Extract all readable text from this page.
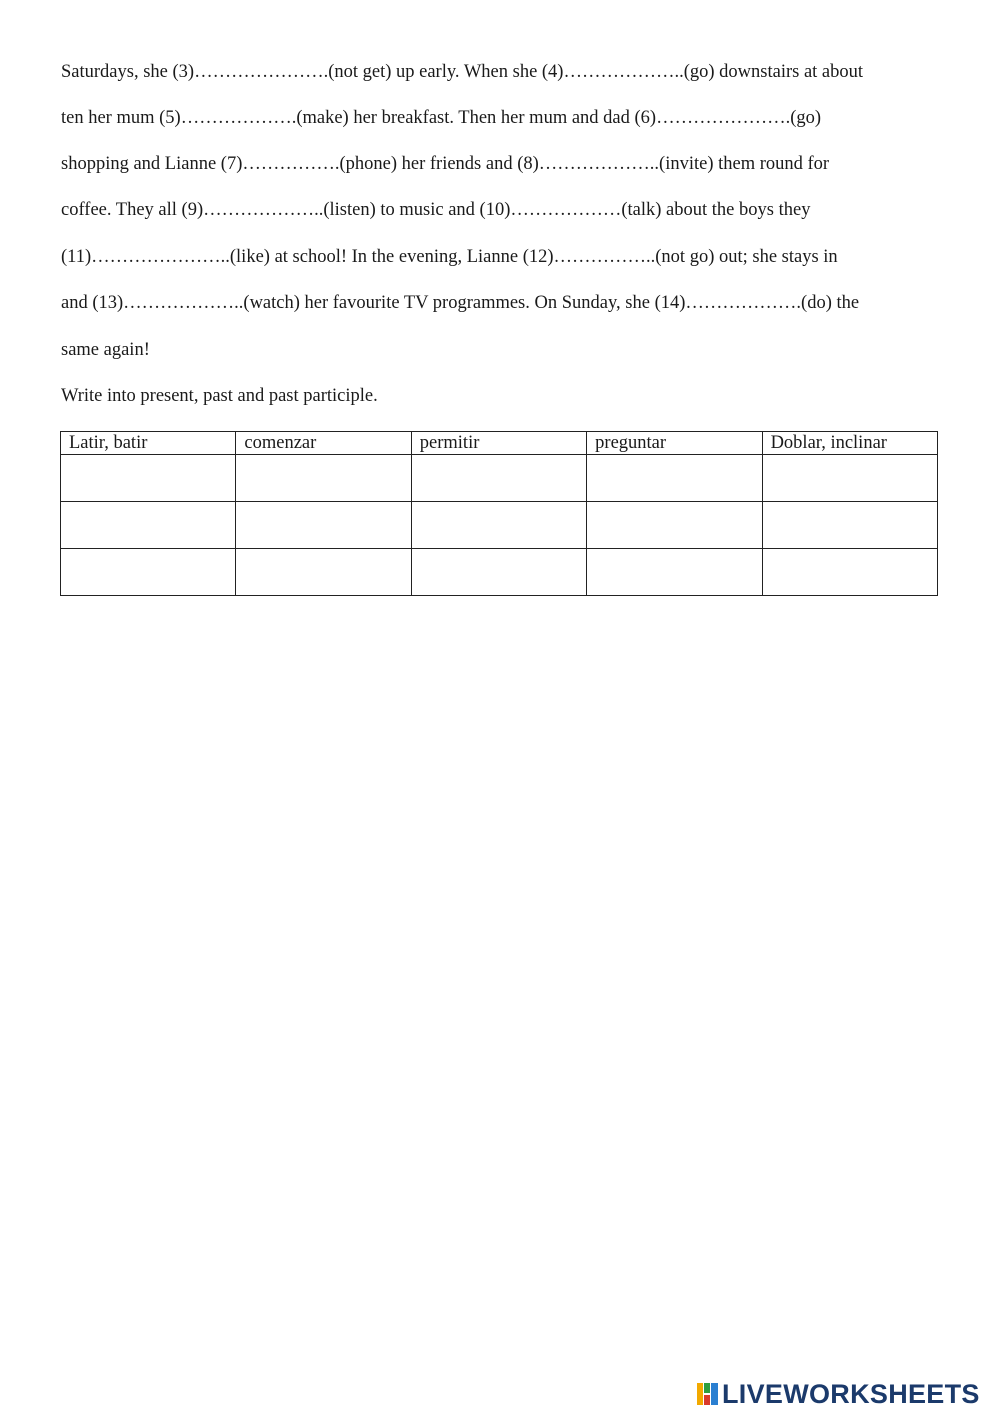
Saturdays, she (3)………………….(not get) up early. When she (4)………………..(go) downstairs at about
ten her mum (5)……………….(make) her breakfast. Then her mum and dad (6)………………….(go)
shopping and Lianne (7)…………….(phone) her friends and (8)………………..(invite) them round for
coffee. They all (9)………………..(listen) to music and (10)………………(talk) about the boys they
(11)…………………..(like) at school! In the evening, Lianne (12)……………..(not go) out; she stays in
and (13)………………..(watch) her favourite TV programmes. On Sunday, she (14)……………….(do) the
same again!
Write into present, past and past participle.
Latir, batir	comenzar	permitir	preguntar	Doblar, inclinar

LIVEWORKSHEETS
